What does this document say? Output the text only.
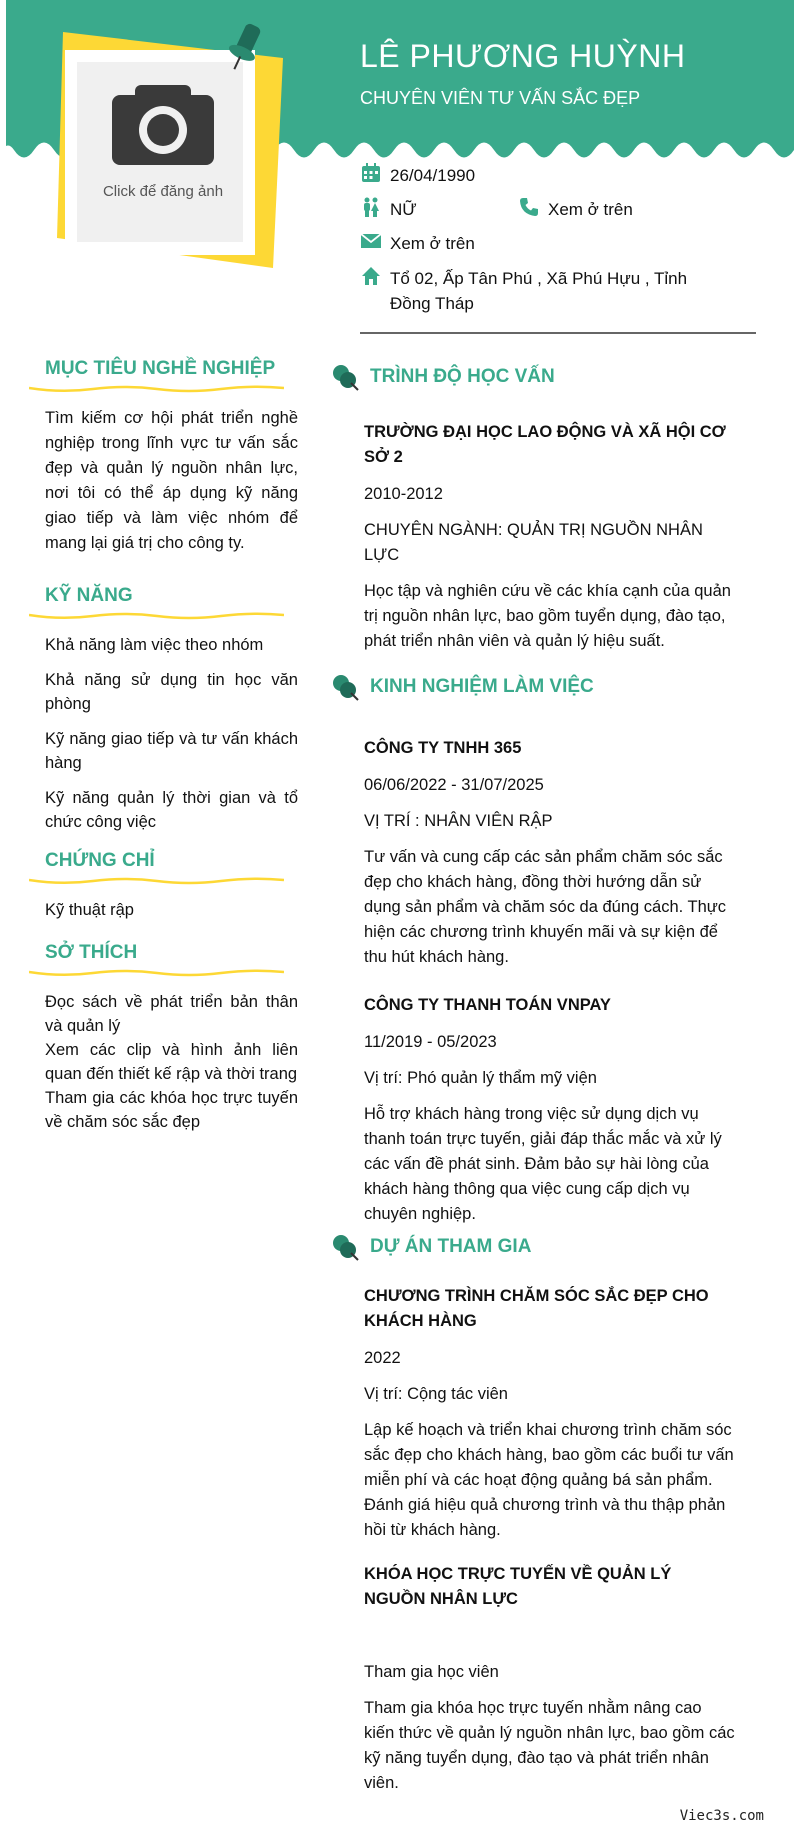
Click để đăng ảnh
LÊ PHƯƠNG HUỲNH
CHUYÊN VIÊN TƯ VẤN SẮC ĐẸP
26/04/1990
NỮ	Xem ở trên
Xem ở trên
Tổ 02, Ấp Tân Phú , Xã Phú Hựu , Tỉnh Đồng Tháp
MỤC TIÊU NGHỀ NGHIỆP

Tìm kiếm cơ hội phát triển nghề nghiệp trong lĩnh vực tư vấn sắc đẹp và quản lý nguồn nhân lực, nơi tôi có thể áp dụng kỹ năng giao tiếp và làm việc nhóm để mang lại giá trị cho công ty.

KỸ NĂNG

Khả năng làm việc theo nhóm

Khả năng sử dụng tin học văn phòng

Kỹ năng giao tiếp và tư vấn khách hàng

Kỹ năng quản lý thời gian và tổ chức công việc

CHỨNG CHỈ

Kỹ thuật rập

SỞ THÍCH

Đọc sách về phát triển bản thân và quản lý

Xem các clip và hình ảnh liên quan đến thiết kế rập và thời trang

Tham gia các khóa học trực tuyến về chăm sóc sắc đẹp

TRÌNH ĐỘ HỌC VẤN
TRƯỜNG ĐẠI HỌC LAO ĐỘNG VÀ XÃ HỘI CƠ SỞ 2
2010-2012
CHUYÊN NGÀNH: QUẢN TRỊ NGUỒN NHÂN LỰC
Học tập và nghiên cứu về các khía cạnh của quản trị nguồn nhân lực, bao gồm tuyển dụng, đào tạo, phát triển nhân viên và quản lý hiệu suất.
KINH NGHIỆM LÀM VIỆC
CÔNG TY TNHH 365
06/06/2022 - 31/07/2025
VỊ TRÍ : NHÂN VIÊN RẬP
Tư vấn và cung cấp các sản phẩm chăm sóc sắc đẹp cho khách hàng, đồng thời hướng dẫn sử dụng sản phẩm và chăm sóc da đúng cách. Thực hiện các chương trình khuyến mãi và sự kiện để thu hút khách hàng.
CÔNG TY THANH TOÁN VNPAY
11/2019 - 05/2023
Vị trí: Phó quản lý thẩm mỹ viện
Hỗ trợ khách hàng trong việc sử dụng dịch vụ thanh toán trực tuyến, giải đáp thắc mắc và xử lý các vấn đề phát sinh. Đảm bảo sự hài lòng của khách hàng thông qua việc cung cấp dịch vụ chuyên nghiệp.
DỰ ÁN THAM GIA
CHƯƠNG TRÌNH CHĂM SÓC SẮC ĐẸP CHO KHÁCH HÀNG
2022
Vị trí: Cộng tác viên
Lập kế hoạch và triển khai chương trình chăm sóc sắc đẹp cho khách hàng, bao gồm các buổi tư vấn miễn phí và các hoạt động quảng bá sản phẩm. Đánh giá hiệu quả chương trình và thu thập phản hồi từ khách hàng.
KHÓA HỌC TRỰC TUYẾN VỀ QUẢN LÝ NGUỒN NHÂN LỰC
Tham gia học viên
Tham gia khóa học trực tuyến nhằm nâng cao kiến thức về quản lý nguồn nhân lực, bao gồm các kỹ năng tuyển dụng, đào tạo và phát triển nhân viên.
Viec3s.com
